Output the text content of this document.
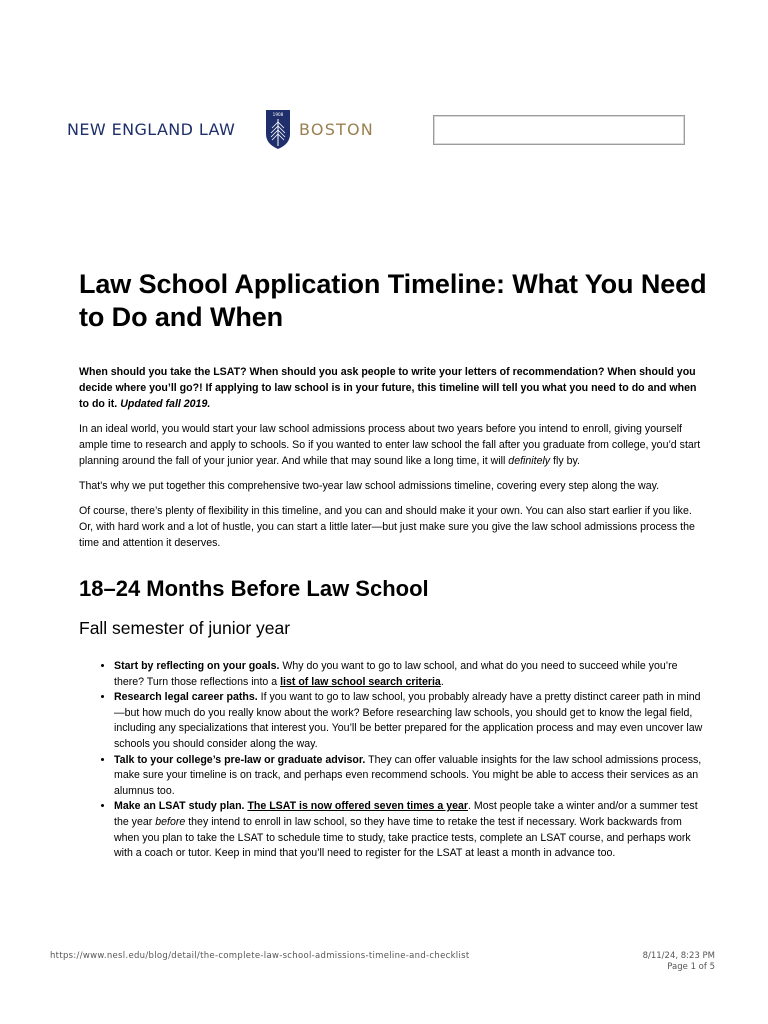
NEW ENGLAND LAW
1908
BOSTON
Law School Application Timeline: What You Need to Do and When

When should you take the LSAT? When should you ask people to write your letters of recommendation? When should you decide where you’ll go?! If applying to law school is in your future, this timeline will tell you what you need to do and when to do it. Updated fall 2019.

In an ideal world, you would start your law school admissions process about two years before you intend to enroll, giving yourself ample time to research and apply to schools. So if you wanted to enter law school the fall after you graduate from college, you’d start planning around the fall of your junior year. And while that may sound like a long time, it will definitely fly by.

That's why we put together this comprehensive two-year law school admissions timeline, covering every step along the way.

Of course, there’s plenty of flexibility in this timeline, and you can and should make it your own. You can also start earlier if you like. Or, with hard work and a lot of hustle, you can start a little later—but just make sure you give the law school admissions process the time and attention it deserves.

18–24 Months Before Law School
Fall semester of junior year
• Start by reflecting on your goals. Why do you want to go to law school, and what do you need to succeed while you’re there? Turn those reflections into a list of law school search criteria.
• Research legal career paths. If you want to go to law school, you probably already have a pretty distinct career path in mind—but how much do you really know about the work? Before researching law schools, you should get to know the legal field, including any specializations that interest you. You’ll be better prepared for the application process and may even uncover law schools you should consider along the way.
• Talk to your college’s pre-law or graduate advisor. They can offer valuable insights for the law school admissions process, make sure your timeline is on track, and perhaps even recommend schools. You might be able to access their services as an alumnus too.
• Make an LSAT study plan. The LSAT is now offered seven times a year. Most people take a winter and/or a summer test the year before they intend to enroll in law school, so they have time to retake the test if necessary. Work backwards from when you plan to take the LSAT to schedule time to study, take practice tests, complete an LSAT course, and perhaps work with a coach or tutor. Keep in mind that you’ll need to register for the LSAT at least a month in advance too.
https://www.nesl.edu/blog/detail/the-complete-law-school-admissions-timeline-and-checklist	8/11/24, 8:23 PM
Page 1 of 5
